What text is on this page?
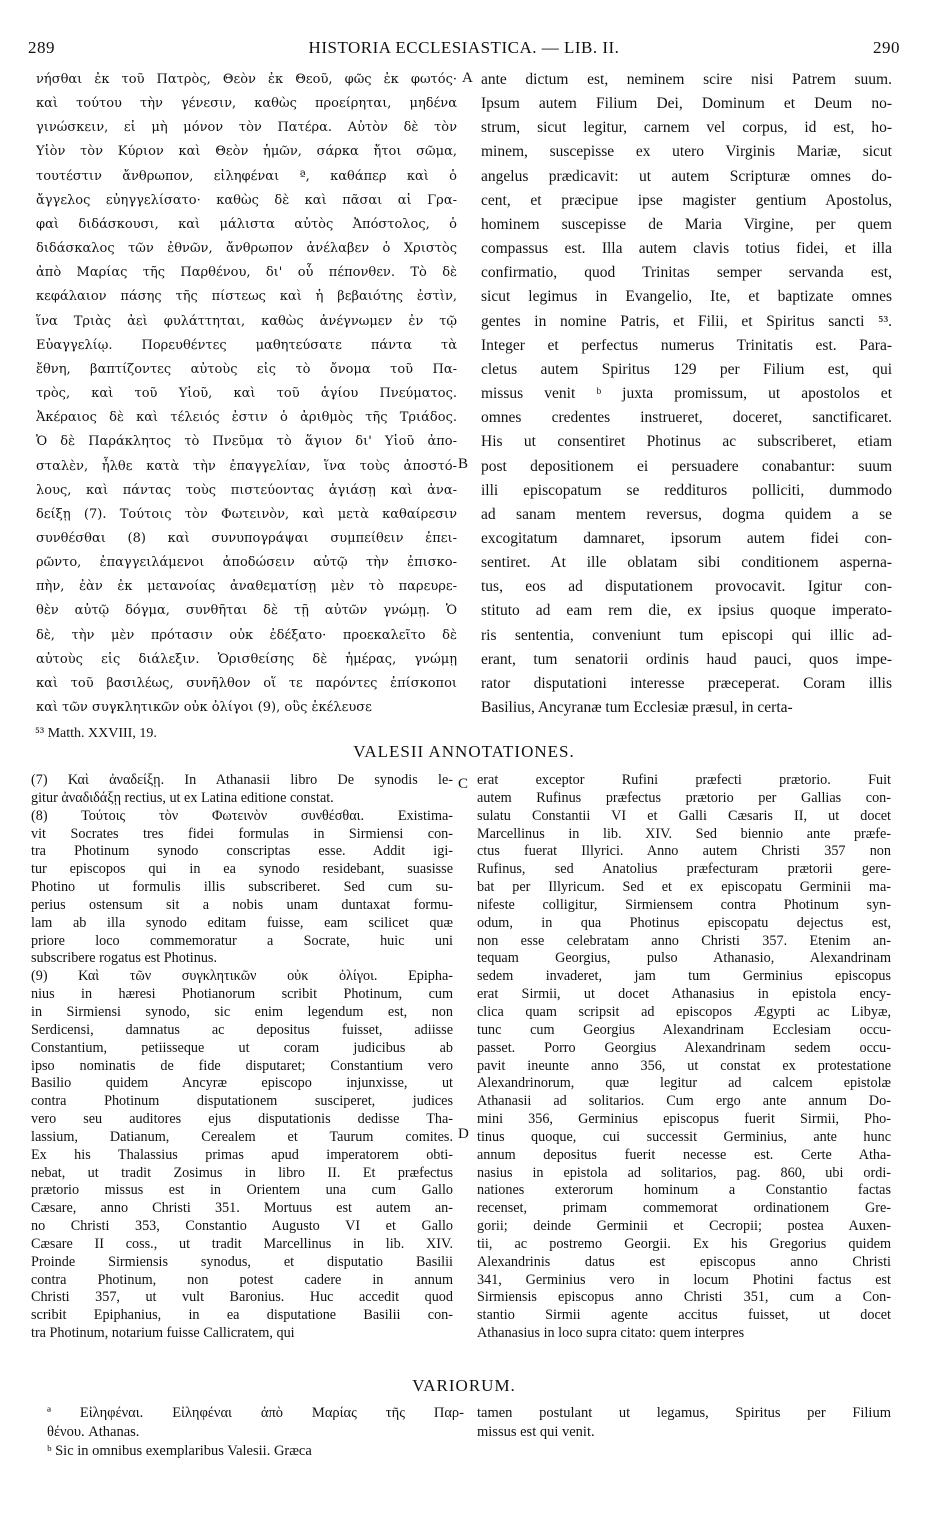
289	HISTORIA ECCLESIASTICA. — LIB. II.	290

νήσθαι ἐκ τοῦ Πατρὸς, Θεὸν ἐκ Θεοῦ, φῶς ἐκ φωτός·

καὶ τούτου τὴν γένεσιν, καθὼς προείρηται, μηδένα

γινώσκειν, εἰ μὴ μόνον τὸν Πατέρα. Αὐτὸν δὲ τὸν

Υἱὸν τὸν Κύριον καὶ Θεὸν ἡμῶν, σάρκα ἤτοι σῶμα,

τουτέστιν ἄνθρωπον, εἰληφέναι ª, καθάπερ καὶ ὁ

ἄγγελος εὐηγγελίσατο· καθὼς δὲ καὶ πᾶσαι αἱ Γρα-

φαὶ διδάσκουσι, καὶ μάλιστα αὐτὸς Ἀπόστολος, ὁ

διδάσκαλος τῶν ἐθνῶν, ἄνθρωπον ἀνέλαβεν ὁ Χριστὸς

ἀπὸ Μαρίας τῆς Παρθένου, δι' οὗ πέπονθεν. Τὸ δὲ

κεφάλαιον πάσης τῆς πίστεως καὶ ἡ βεβαιότης ἐστὶν,

ἵνα Τριὰς ἀεὶ φυλάττηται, καθὼς ἀνέγνωμεν ἐν τῷ

Εὐαγγελίῳ. Πορευθέντες μαθητεύσατε πάντα τὰ

ἔθνη, βαπτίζοντες αὐτοὺς εἰς τὸ ὄνομα τοῦ Πα-

τρὸς, καὶ τοῦ Υἱοῦ, καὶ τοῦ ἁγίου Πνεύματος.

Ἀκέραιος δὲ καὶ τέλειός ἐστιν ὁ ἀριθμὸς τῆς Τριάδος.

Ὁ δὲ Παράκλητος τὸ Πνεῦμα τὸ ἅγιον δι' Υἱοῦ ἀπο-

σταλὲν, ἦλθε κατὰ τὴν ἐπαγγελίαν, ἵνα τοὺς ἀποστό-

λους, καὶ πάντας τοὺς πιστεύοντας ἁγιάσῃ καὶ ἀνα-

δείξῃ (7). Τούτοις τὸν Φωτεινὸν, καὶ μετὰ καθαίρεσιν

συνθέσθαι (8) καὶ συνυπογράψαι συμπείθειν ἐπει-

ρῶντο, ἐπαγγειλάμενοι ἀποδώσειν αὐτῷ τὴν ἐπισκο-

πὴν, ἐὰν ἐκ μετανοίας ἀναθεματίσῃ μὲν τὸ παρευρε-

θὲν αὐτῷ δόγμα, συνθῆται δὲ τῇ αὐτῶν γνώμῃ. Ὁ

δὲ, τὴν μὲν πρότασιν οὐκ ἐδέξατο· προεκαλεῖτο δὲ

αὐτοὺς εἰς διάλεξιν. Ὁρισθείσης δὲ ἡμέρας, γνώμῃ

καὶ τοῦ βασιλέως, συνῆλθον οἵ τε παρόντες ἐπίσκοποι

καὶ τῶν συγκλητικῶν οὐκ ὀλίγοι (9), οὓς ἐκέλευσε

A
B

ante dictum est, neminem scire nisi Patrem suum.

Ipsum autem Filium Dei, Dominum et Deum no-

strum, sicut legitur, carnem vel corpus, id est, ho-

minem, suscepisse ex utero Virginis Mariæ, sicut

angelus prædicavit: ut autem Scripturæ omnes do-

cent, et præcipue ipse magister gentium Apostolus,

hominem suscepisse de Maria Virgine, per quem

compassus est. Illa autem clavis totius fidei, et illa

confirmatio, quod Trinitas semper servanda est,

sicut legimus in Evangelio, Ite, et baptizate omnes

gentes in nomine Patris, et Filii, et Spiritus sancti ⁵³.

Integer et perfectus numerus Trinitatis est. Para-

cletus autem Spiritus 129 per Filium est, qui

missus venit ᵇ juxta promissum, ut apostolos et

omnes credentes instrueret, doceret, sanctificaret.

His ut consentiret Photinus ac subscriberet, etiam

post depositionem ei persuadere conabantur: suum

illi episcopatum se reddituros polliciti, dummodo

ad sanam mentem reversus, dogma quidem a se

excogitatum damnaret, ipsorum autem fidei con-

sentiret. At ille oblatam sibi conditionem asperna-

tus, eos ad disputationem provocavit. Igitur con-

stituto ad eam rem die, ex ipsius quoque imperato-

ris sententia, conveniunt tum episcopi qui illic ad-

erant, tum senatorii ordinis haud pauci, quos impe-

rator disputationi interesse præceperat. Coram illis

Basilius, Ancyranæ tum Ecclesiæ præsul, in certa-

⁵³ Matth. XXVIII, 19.
VALESII ANNOTATIONES.

(7) Καὶ ἀναδείξῃ. In Athanasii libro De synodis le-

gitur ἀναδιδάξῃ rectius, ut ex Latina editione constat.

(8) Τούτοις τὸν Φωτεινὸν συνθέσθαι. Existima-

vit Socrates tres fidei formulas in Sirmiensi con-

tra Photinum synodo conscriptas esse. Addit igi-

tur episcopos qui in ea synodo residebant, suasisse

Photino ut formulis illis subscriberet. Sed cum su-

perius ostensum sit a nobis unam duntaxat formu-

lam ab illa synodo editam fuisse, eam scilicet quæ

priore loco commemoratur a Socrate, huic uni

subscribere rogatus est Photinus.

(9) Καὶ τῶν συγκλητικῶν οὐκ ὀλίγοι. Epipha-

nius in hæresi Photianorum scribit Photinum, cum

in Sirmiensi synodo, sic enim legendum est, non

Serdicensi, damnatus ac depositus fuisset, adiisse

Constantium, petiisseque ut coram judicibus ab

ipso nominatis de fide disputaret; Constantium vero

Basilio quidem Ancyræ episcopo injunxisse, ut

contra Photinum disputationem susciperet, judices

vero seu auditores ejus disputationis dedisse Tha-

lassium, Datianum, Cerealem et Taurum comites.

Ex his Thalassius primas apud imperatorem obti-

nebat, ut tradit Zosimus in libro II. Et præfectus

prætorio missus est in Orientem una cum Gallo

Cæsare, anno Christi 351. Mortuus est autem an-

no Christi 353, Constantio Augusto VI et Gallo

Cæsare II coss., ut tradit Marcellinus in lib. XIV.

Proinde Sirmiensis synodus, et disputatio Basilii

contra Photinum, non potest cadere in annum

Christi 357, ut vult Baronius. Huc accedit quod

scribit Epiphanius, in ea disputatione Basilii con-

tra Photinum, notarium fuisse Callicratem, qui

C
D

erat exceptor Rufini præfecti prætorio. Fuit

autem Rufinus præfectus prætorio per Gallias con-

sulatu Constantii VI et Galli Cæsaris II, ut docet

Marcellinus in lib. XIV. Sed biennio ante præfe-

ctus fuerat Illyrici. Anno autem Christi 357 non

Rufinus, sed Anatolius præfecturam prætorii gere-

bat per Illyricum. Sed et ex episcopatu Germinii ma-

nifeste colligitur, Sirmiensem contra Photinum syn-

odum, in qua Photinus episcopatu dejectus est,

non esse celebratam anno Christi 357. Etenim an-

tequam Georgius, pulso Athanasio, Alexandrinam

sedem invaderet, jam tum Germinius episcopus

erat Sirmii, ut docet Athanasius in epistola ency-

clica quam scripsit ad episcopos Ægypti ac Libyæ,

tunc cum Georgius Alexandrinam Ecclesiam occu-

passet. Porro Georgius Alexandrinam sedem occu-

pavit ineunte anno 356, ut constat ex protestatione

Alexandrinorum, quæ legitur ad calcem epistolæ

Athanasii ad solitarios. Cum ergo ante annum Do-

mini 356, Germinius episcopus fuerit Sirmii, Pho-

tinus quoque, cui successit Germinius, ante hunc

annum depositus fuerit necesse est. Certe Atha-

nasius in epistola ad solitarios, pag. 860, ubi ordi-

nationes exterorum hominum a Constantio factas

recenset, primam commemorat ordinationem Gre-

gorii; deinde Germinii et Cecropii; postea Auxen-

tii, ac postremo Georgii. Ex his Gregorius quidem

Alexandrinis datus est episcopus anno Christi

341, Germinius vero in locum Photini factus est

Sirmiensis episcopus anno Christi 351, cum a Con-

stantio Sirmii agente accitus fuisset, ut docet

Athanasius in loco supra citato: quem interpres

VARIORUM.

ª Εἰληφέναι. Εἰληφέναι ἀπὸ Μαρίας τῆς Παρ-

θένου. Athanas.

ᵇ Sic in omnibus exemplaribus Valesii. Græca

tamen postulant ut legamus, Spiritus per Filium

missus est qui venit.
